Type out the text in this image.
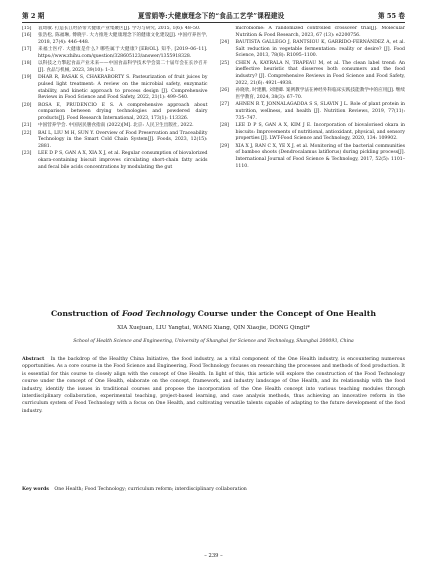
第 2 期	夏雪娟等:大健康理念下的“食品工艺学”课程建设	第 55 卷
[15]	袁琦敏. 打造长江经济带大健康产业集聚区[J]. 学习与研究, 2015, 1(6): 48–50.
[16]	张浩松, 陈福琳, 傅晓宇. 大力推进大健康理念下的健康文化建设[J]. 中国疗养医学, 2018, 27(4): 446–448.
[17]	来福士医疗. 大健康是什么? 哪些属于大健康? [EB/OL]. 知乎, [2019–06–11]. https://www.zhihu.com/question/328605123/answer/1355918328.
[18]	以科技之力擎起食品产业未来——中国食品科学技术学会第二十届年会在长沙召开[J]. 食品与机械, 2023, 39(10): 1–3.
[19]	DHAR R, BASAK S, CHAKRABORTY S. Pasteurization of fruit juices by pulsed light treatment: A review on the microbial safety, enzymatic stability, and kinetic approach to process design [J]. Comprehensive Reviews in Food Science and Food Safety, 2022, 21(1): 499–540.
[20]	ROSA E, PRUDENCIO E S. A comprehensive approach about comparison between drying technologies and powdered dairy products[J]. Food Research International, 2023, 173(1): 113326.
[21]	中国营养学会. 中国居民膳食指南 (2022)[M]. 北京: 人民卫生出版社, 2022.
[22]	BAI L, LIU M H, SUN Y. Overview of Food Preservation and Traceability Technology in the Smart Cold Chain System[J]. Foods, 2023, 12(15): 2881.
[23]	LEE D P S, GAN A X, XIA X J, et al. Regular consumption of biovalorized okara-containing biscuit improves circulating short-chain fatty acids and fecal bile acids concentrations by modulating the gut
microbiome: A randomized controlled crossover trial[J]. Molecular Nutrition & Food Research, 2023, 67 (13): e2200756.
[24]	BAUTISTA GALLEGO J, RANTSIOU K, GARRIDO-FERNÁNDEZ A, et al. Salt reduction in vegetable fermentation: reality or desire? [J]. Food Science, 2013, 78(8): R1095–1100.
[25]	CHEN A, KAYRALA N, TRAPEAU M, et al. The clean label trend: An ineffective heuristic that disserves both consumers and the food industry? [J]. Comprehensive Reviews in Food Science and Food Safety, 2022, 21(6): 4921–4938.
[26]	孙晓欣, 时建鹏, 刘建卿. 案例教学法在神经外科临床实践技能教学中的应用[J]. 继续医学教育, 2024, 38(3): 67–70.
[27]	AHNEN R T, JONNALAGADDA S S, SLAVIN J L. Role of plant protein in nutrition, wellness, and health [J]. Nutrition Reviews, 2019, 77(11): 735–747.
[28]	LEE D P S, GAN A X, KIM J E. Incorporation of biovalorised okara in biscuits: Improvements of nutritional, antioxidant, physical, and sensory properties [J]. LWT-Food Science and Technology, 2020, 134: 109902.
[29]	XIA X J, RAN C X, YE X J, et al. Monitoring of the bacterial communities of bamboo shoots (Dendrocalamus latiflorus) during pickling process[J]. International Journal of Food Science & Technology, 2017, 52(5): 1101–1110.
Construction of Food Technology Course under the Concept of One Health
XIA Xuejuan, LIU Yangtai, WANG Xiang, QIN Xiaojie, DONG Qingli*
School of Health Science and Engineering, University of Shanghai for Science and Technology, Shanghai 200093, China
Abstract In the backdrop of the Healthy China Initiative, the food industry, as a vital component of the One Health industry, is encountering numerous opportunities. As a core course in the Food Science and Engineering, Food Technology focuses on researching the processes and methods of food production. It is essential for this course to closely align with the concept of One Health. In light of this, this article will explore the construction of the Food Technology course under the concept of One Health, elaborate on the concept, framework, and industry landscape of One Health, and its relationship with the food industry, identify the issues in traditional courses and propose the incorporation of the One Health concept into various teaching modules through interdisciplinary collaboration, experimental teaching, project-based learning, and case analysis methods, thus achieving an innovative reform in the curriculum system of Food Technology with a focus on One Health, and cultivating versatile talents capable of adapting to the future development of the food industry.
Key words One Health; Food Technology; curriculum reform; interdisciplinary collaboration
– 239 –
